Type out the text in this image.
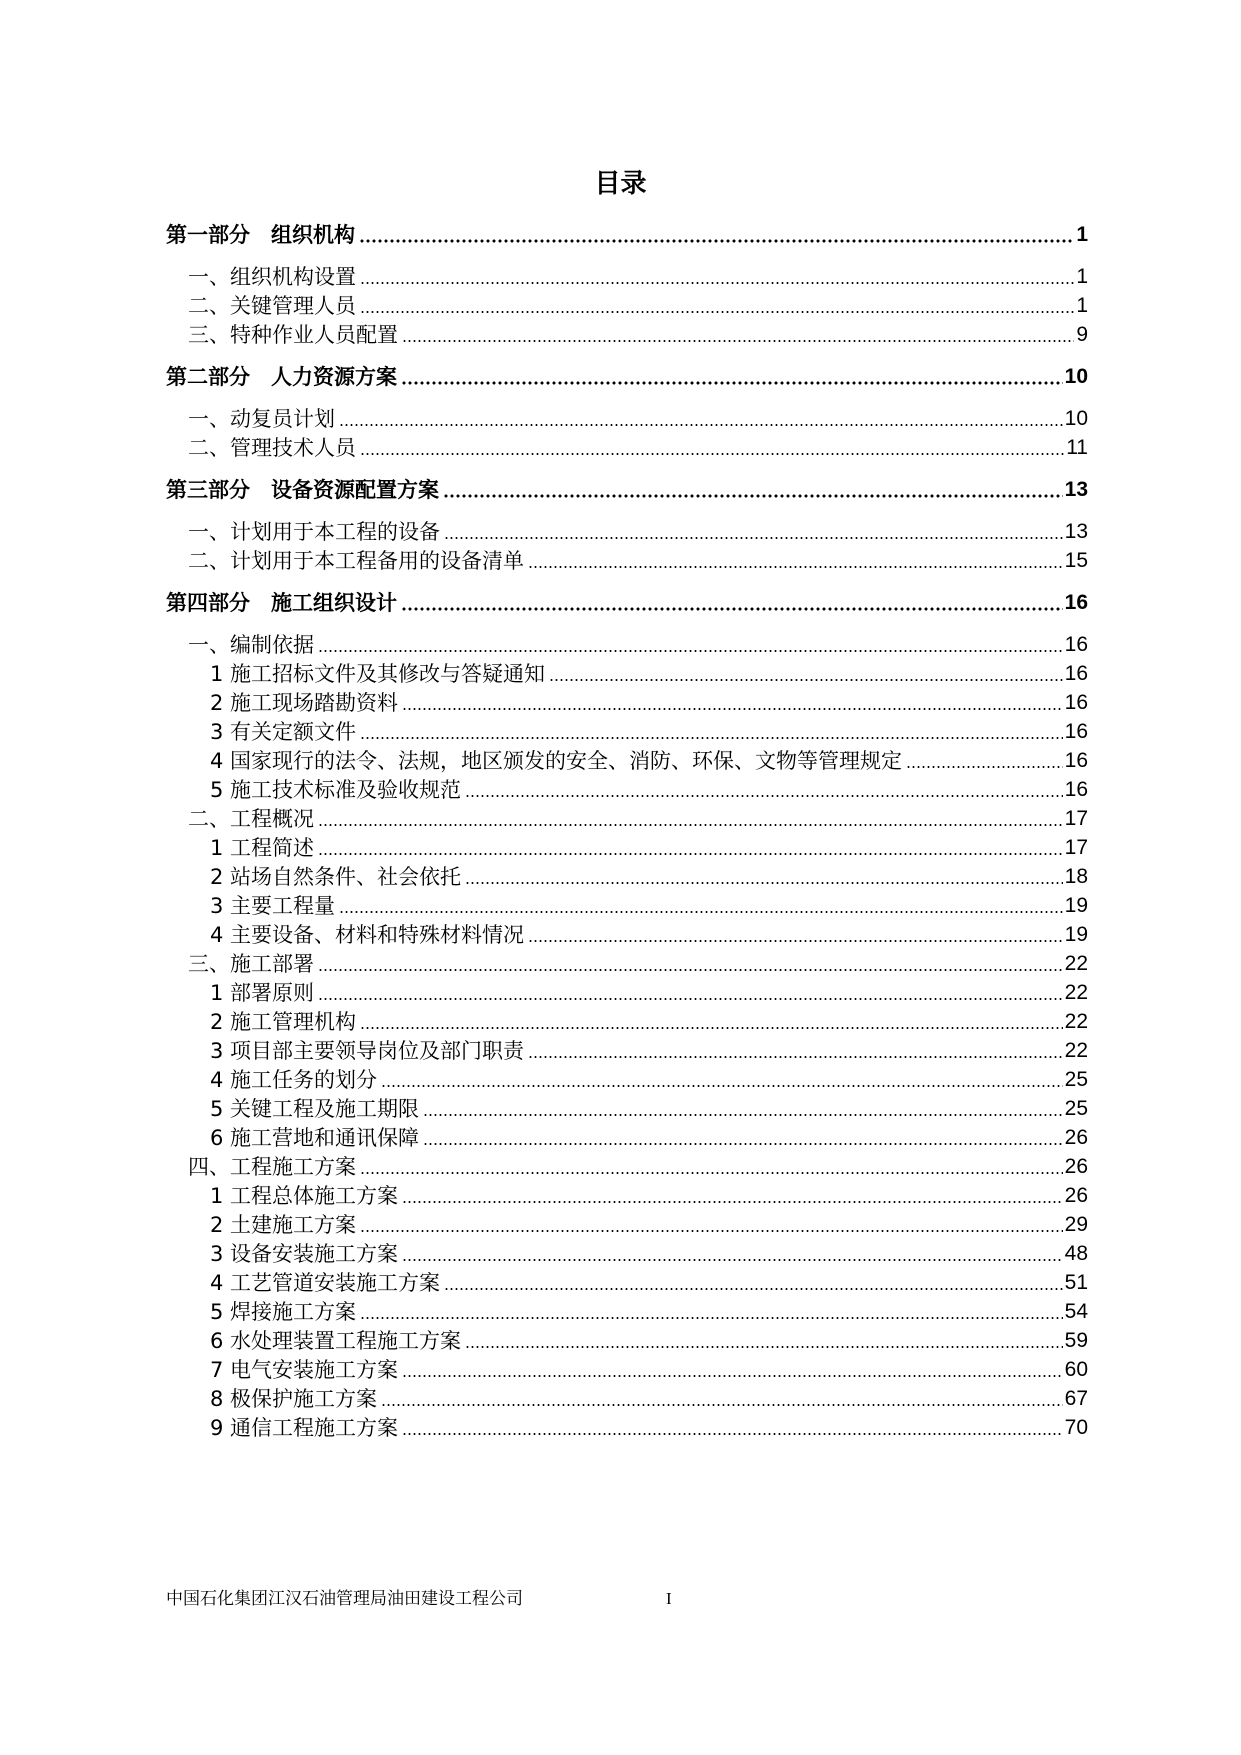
目录
第一部分　组织机构	1
一、组织机构设置	1
二、关键管理人员	1
三、特种作业人员配置	9
第二部分　人力资源方案	10
一、动复员计划	10
二、管理技术人员	11
第三部分　设备资源配置方案	13
一、计划用于本工程的设备	13
二、计划用于本工程备用的设备清单	15
第四部分　施工组织设计	16
一、编制依据	16
1 施工招标文件及其修改与答疑通知	16
2 施工现场踏勘资料	16
3 有关定额文件	16
4 国家现行的法令、法规，地区颁发的安全、消防、环保、文物等管理规定	16
5 施工技术标准及验收规范	16
二、工程概况	17
1 工程简述	17
2 站场自然条件、社会依托	18
3 主要工程量	19
4 主要设备、材料和特殊材料情况	19
三、施工部署	22
1 部署原则	22
2 施工管理机构	22
3 项目部主要领导岗位及部门职责	22
4 施工任务的划分	25
5 关键工程及施工期限	25
6 施工营地和通讯保障	26
四、工程施工方案	26
1 工程总体施工方案	26
2 土建施工方案	29
3 设备安装施工方案	48
4 工艺管道安装施工方案	51
5 焊接施工方案	54
6 水处理装置工程施工方案	59
7 电气安装施工方案	60
8 极保护施工方案	67
9 通信工程施工方案	70
中国石化集团江汉石油管理局油田建设工程公司	I
